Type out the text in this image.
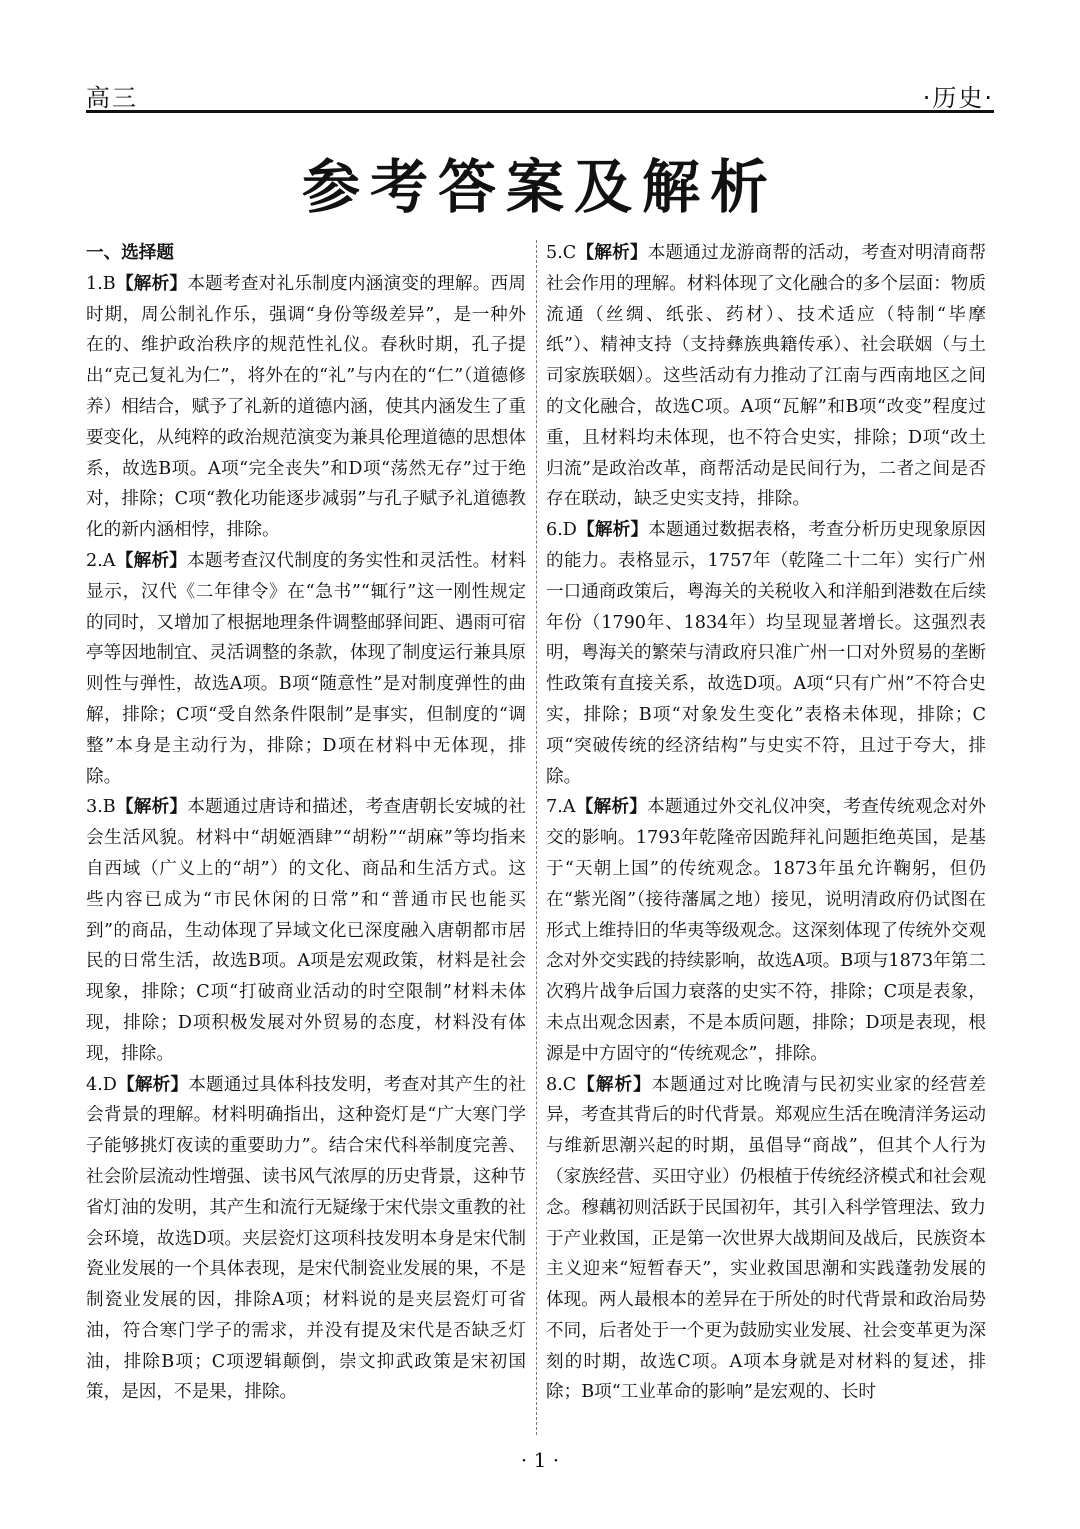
高三	·历史·
参考答案及解析
一、选择题

1.B【解析】本题考查对礼乐制度内涵演变的理解。西周时期，周公制礼作乐，强调“身份等级差异”，是一种外在的、维护政治秩序的规范性礼仪。春秋时期，孔子提出“克己复礼为仁”，将外在的“礼”与内在的“仁”（道德修养）相结合，赋予了礼新的道德内涵，使其内涵发生了重要变化，从纯粹的政治规范演变为兼具伦理道德的思想体系，故选B项。A项“完全丧失”和D项“荡然无存”过于绝对，排除；C项“教化功能逐步减弱”与孔子赋予礼道德教化的新内涵相悖，排除。

2.A【解析】本题考查汉代制度的务实性和灵活性。材料显示，汉代《二年律令》在“急书”“辄行”这一刚性规定的同时，又增加了根据地理条件调整邮驿间距、遇雨可宿亭等因地制宜、灵活调整的条款，体现了制度运行兼具原则性与弹性，故选A项。B项“随意性”是对制度弹性的曲解，排除；C项“受自然条件限制”是事实，但制度的“调整”本身是主动行为，排除；D项在材料中无体现，排除。

3.B【解析】本题通过唐诗和描述，考查唐朝长安城的社会生活风貌。材料中“胡姬酒肆”“胡粉”“胡麻”等均指来自西域（广义上的“胡”）的文化、商品和生活方式。这些内容已成为“市民休闲的日常”和“普通市民也能买到”的商品，生动体现了异域文化已深度融入唐朝都市居民的日常生活，故选B项。A项是宏观政策，材料是社会现象，排除；C项“打破商业活动的时空限制”材料未体现，排除；D项积极发展对外贸易的态度，材料没有体现，排除。

4.D【解析】本题通过具体科技发明，考查对其产生的社会背景的理解。材料明确指出，这种瓷灯是“广大寒门学子能够挑灯夜读的重要助力”。结合宋代科举制度完善、社会阶层流动性增强、读书风气浓厚的历史背景，这种节省灯油的发明，其产生和流行无疑缘于宋代崇文重教的社会环境，故选D项。夹层瓷灯这项科技发明本身是宋代制瓷业发展的一个具体表现，是宋代制瓷业发展的果，不是制瓷业发展的因，排除A项；材料说的是夹层瓷灯可省油，符合寒门学子的需求，并没有提及宋代是否缺乏灯油，排除B项；C项逻辑颠倒，崇文抑武政策是宋初国策，是因，不是果，排除。

5.C【解析】本题通过龙游商帮的活动，考查对明清商帮社会作用的理解。材料体现了文化融合的多个层面：物质流通（丝绸、纸张、药材）、技术适应（特制“毕摩纸”）、精神支持（支持彝族典籍传承）、社会联姻（与土司家族联姻）。这些活动有力推动了江南与西南地区之间的文化融合，故选C项。A项“瓦解”和B项“改变”程度过重，且材料均未体现，也不符合史实，排除；D项“改土归流”是政治改革，商帮活动是民间行为，二者之间是否存在联动，缺乏史实支持，排除。

6.D【解析】本题通过数据表格，考查分析历史现象原因的能力。表格显示，1757年（乾隆二十二年）实行广州一口通商政策后，粤海关的关税收入和洋船到港数在后续年份（1790年、1834年）均呈现显著增长。这强烈表明，粤海关的繁荣与清政府只准广州一口对外贸易的垄断性政策有直接关系，故选D项。A项“只有广州”不符合史实，排除；B项“对象发生变化”表格未体现，排除；C项“突破传统的经济结构”与史实不符，且过于夸大，排除。

7.A【解析】本题通过外交礼仪冲突，考查传统观念对外交的影响。1793年乾隆帝因跪拜礼问题拒绝英国，是基于“天朝上国”的传统观念。1873年虽允许鞠躬，但仍在“紫光阁”（接待藩属之地）接见，说明清政府仍试图在形式上维持旧的华夷等级观念。这深刻体现了传统外交观念对外交实践的持续影响，故选A项。B项与1873年第二次鸦片战争后国力衰落的史实不符，排除；C项是表象，未点出观念因素，不是本质问题，排除；D项是表现，根源是中方固守的“传统观念”，排除。

8.C【解析】本题通过对比晚清与民初实业家的经营差异，考查其背后的时代背景。郑观应生活在晚清洋务运动与维新思潮兴起的时期，虽倡导“商战”，但其个人行为（家族经营、买田守业）仍根植于传统经济模式和社会观念。穆藕初则活跃于民国初年，其引入科学管理法、致力于产业救国，正是第一次世界大战期间及战后，民族资本主义迎来“短暂春天”，实业救国思潮和实践蓬勃发展的体现。两人最根本的差异在于所处的时代背景和政治局势不同，后者处于一个更为鼓励实业发展、社会变革更为深刻的时期，故选C项。A项本身就是对材料的复述，排除；B项“工业革命的影响”是宏观的、长时

· 1 ·
